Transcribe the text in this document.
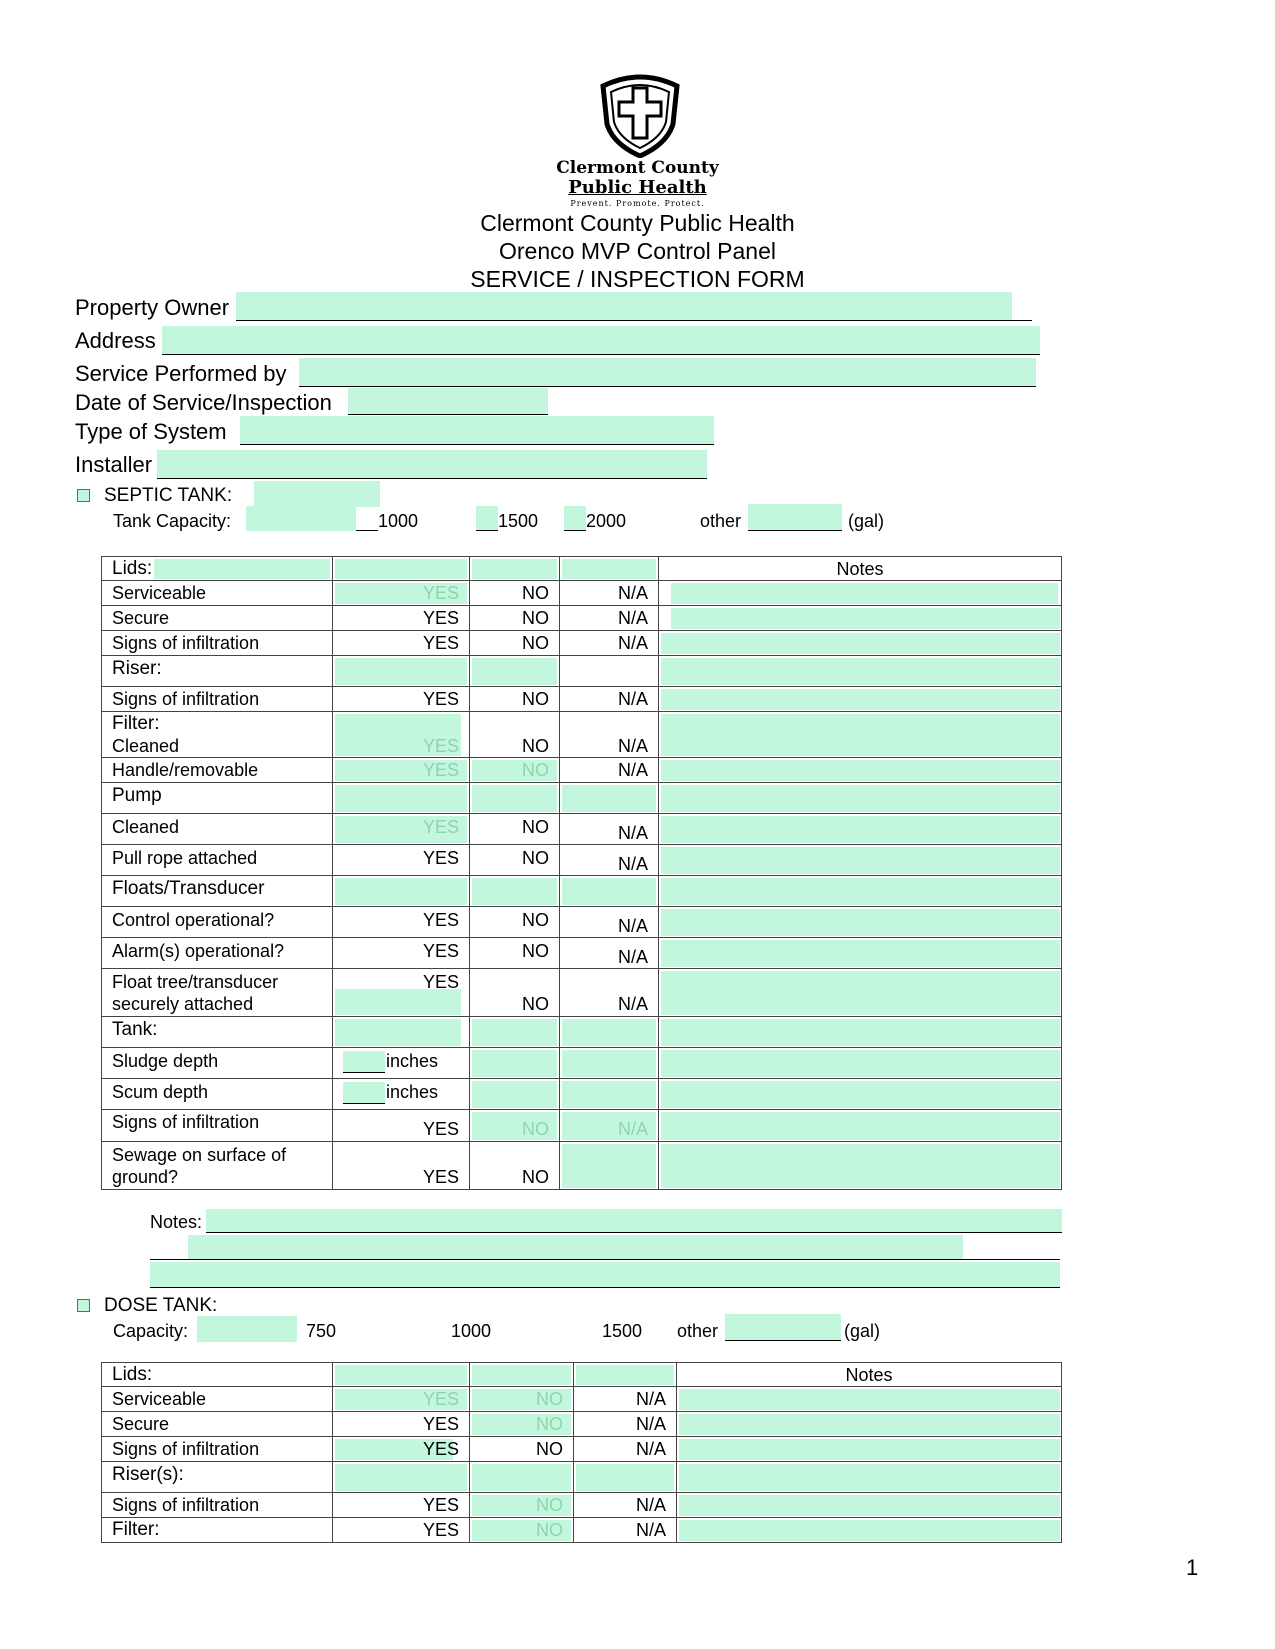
Clermont County
Public Health
Prevent. Promote. Protect.
Clermont County Public Health
Orenco MVP Control Panel
SERVICE / INSPECTION FORM
Property Owner
Address
Service Performed by
Date of Service/Inspection
Type of System
Installer
SEPTIC TANK:
Tank Capacity:	1000	1500	2000	other	(gal)
Lids:				Notes

Serviceable	YES	NO	N/A	

Secure	YES	NO	N/A	

Signs of infiltration	YES	NO	N/A	

Riser:				

Signs of infiltration	YES	NO	N/A	

Filter:
Cleaned	YES	NO	N/A	

Handle/removable	YES	NO	N/A	

Pump				

Cleaned	YES	NO	N/A	

Pull rope attached	YES	NO	N/A	

Floats/Transducer				

Control operational?	YES	NO	N/A	

Alarm(s) operational?	YES	NO	N/A	

Float tree/transducer
securely attached	YES	NO	N/A	

Tank:				

Sludge depth	inches			

Scum depth	inches			

Signs of infiltration	YES	NO	N/A	

Sewage on surface of
ground?	YES	NO		

Notes:
DOSE TANK:
Capacity:	750	1000	1500 other	(gal)
Lids:				Notes

Serviceable	YES	NO	N/A	

Secure	YES	NO	N/A	

Signs of infiltration	YES	NO	N/A	

Riser(s):				

Signs of infiltration	YES	NO	N/A	

Filter:	YES	NO	N/A	

1
